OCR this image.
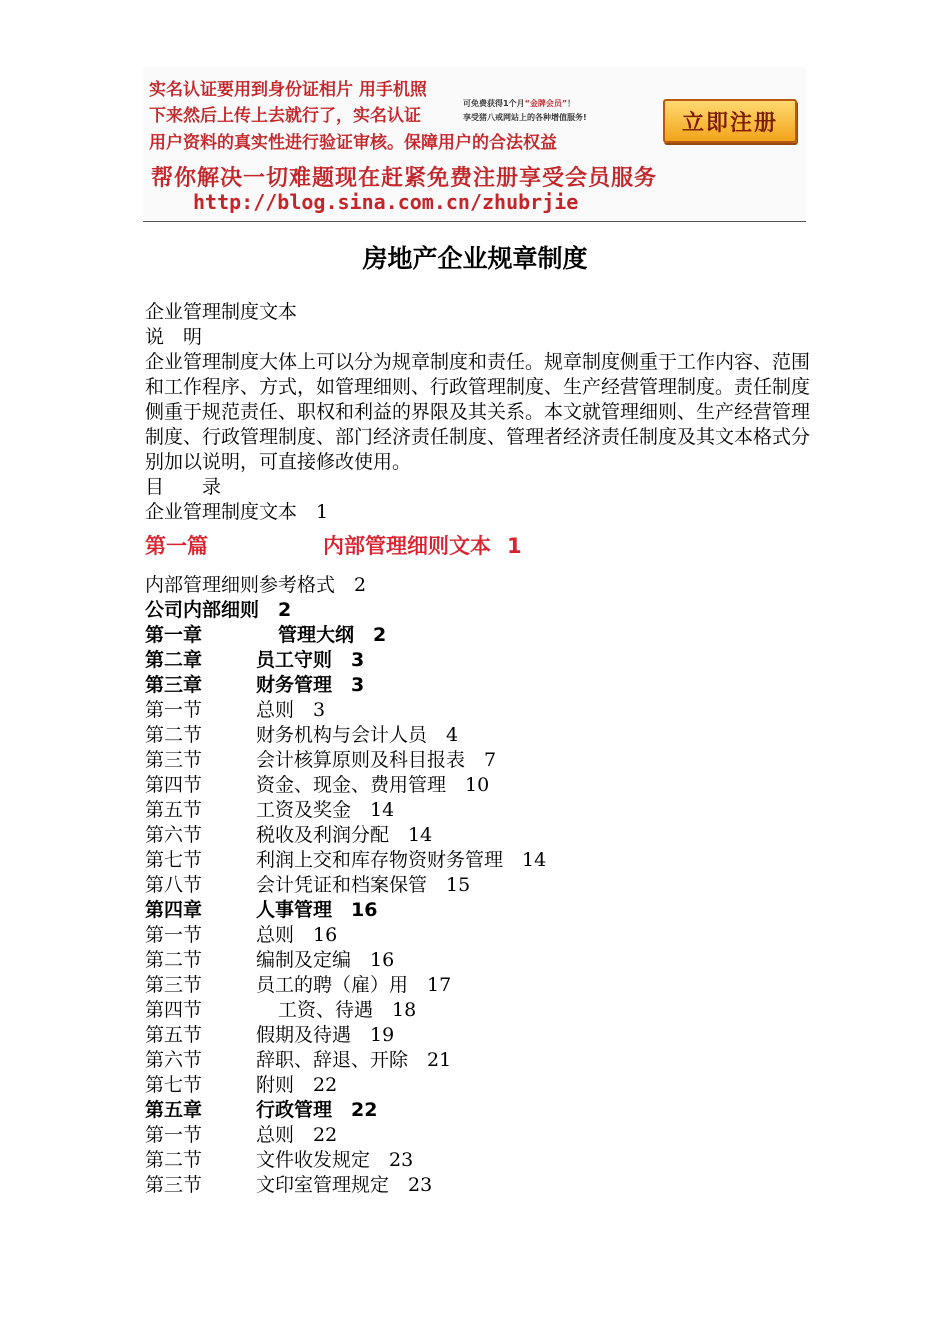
实名认证要用到身份证相片 用手机照
下来然后上传上去就行了，实名认证
可免费获得1个月“金牌会员”！
享受猪八戒网站上的各种增值服务!
用户资料的真实性进行验证审核。保障用户的合法权益
立即注册
帮你解决一切难题现在赶紧免费注册享受会员服务
http://blog.sina.com.cn/zhubrjie
房地产企业规章制度
企业管理制度文本
说　明
企业管理制度大体上可以分为规章制度和责任。规章制度侧重于工作内容、范围和工作程序、方式，如管理细则、行政管理制度、生产经营管理制度。责任制度侧重于规范责任、职权和利益的界限及其关系。本文就管理细则、生产经营管理制度、行政管理制度、部门经济责任制度、管理者经济责任制度及其文本格式分别加以说明，可直接修改使用。
目　　录
企业管理制度文本　1
第一篇	内部管理细则文本 1
内部管理细则参考格式　2
公司内部细则　2
第一章	管理大纲　2
第二章	员工守则　3
第三章	财务管理　3
第一节	总则　3
第二节	财务机构与会计人员　4
第三节	会计核算原则及科目报表　7
第四节	资金、现金、费用管理　10
第五节	工资及奖金　14
第六节	税收及利润分配　14
第七节	利润上交和库存物资财务管理　14
第八节	会计凭证和档案保管　15
第四章	人事管理　16
第一节	总则　16
第二节	编制及定编　16
第三节	员工的聘（雇）用　17
第四节	工资、待遇　18
第五节	假期及待遇　19
第六节	辞职、辞退、开除　21
第七节	附则　22
第五章	行政管理　22
第一节	总则　22
第二节	文件收发规定　23
第三节	文印室管理规定　23
